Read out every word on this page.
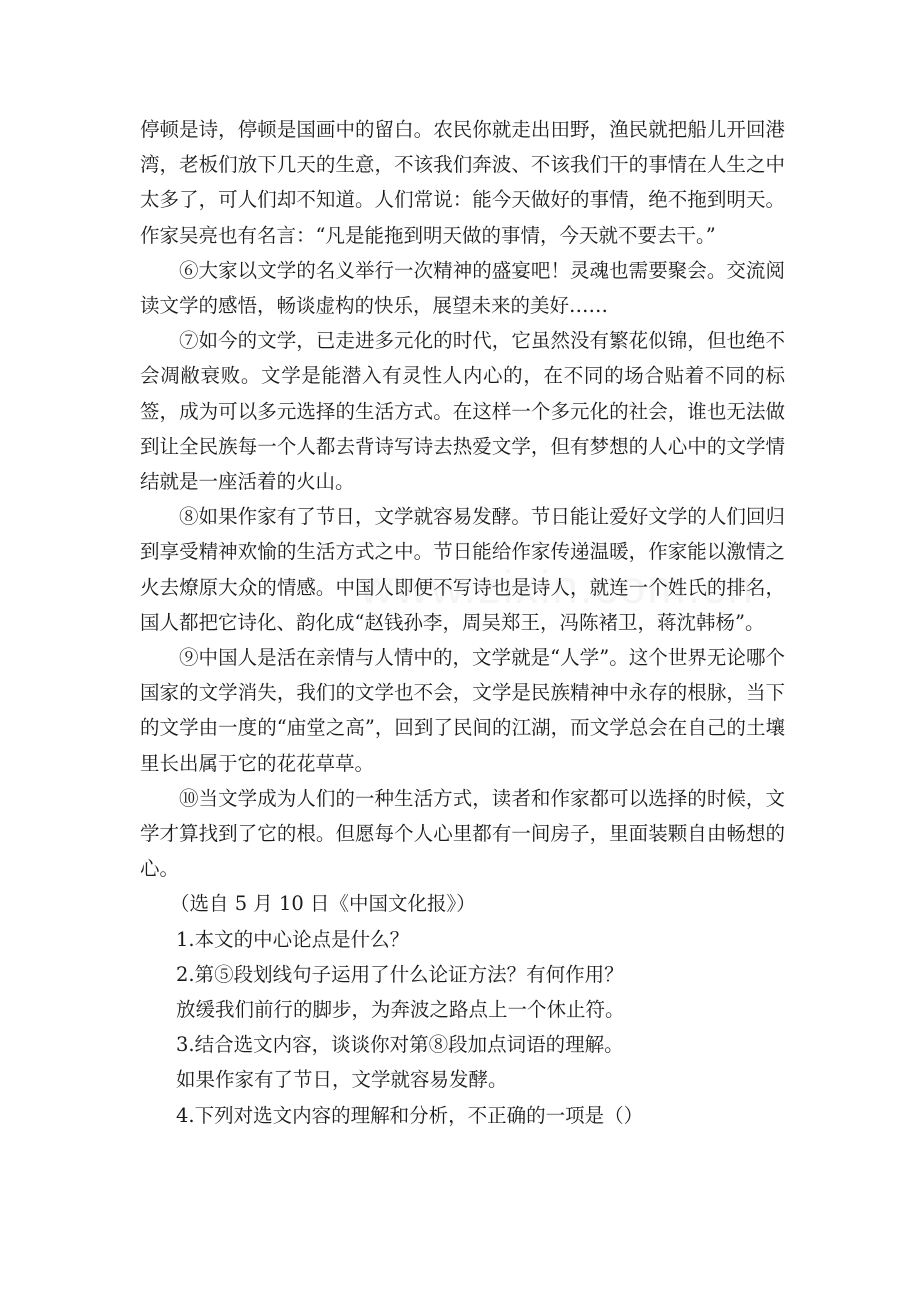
停顿是诗，停顿是国画中的留白。农民你就走出田野，渔民就把船儿开回港湾，老板们放下几天的生意，不该我们奔波、不该我们干的事情在人生之中太多了，可人们却不知道。人们常说：能今天做好的事情，绝不拖到明天。作家吴亮也有名言：“凡是能拖到明天做的事情，今天就不要去干。”

⑥大家以文学的名义举行一次精神的盛宴吧！灵魂也需要聚会。交流阅读文学的感悟，畅谈虚构的快乐，展望未来的美好……

⑦如今的文学，已走进多元化的时代，它虽然没有繁花似锦，但也绝不会凋敝衰败。文学是能潜入有灵性人内心的，在不同的场合贴着不同的标签，成为可以多元选择的生活方式。在这样一个多元化的社会，谁也无法做到让全民族每一个人都去背诗写诗去热爱文学，但有梦想的人心中的文学情结就是一座活着的火山。

⑧如果作家有了节日，文学就容易发酵。节日能让爱好文学的人们回归到享受精神欢愉的生活方式之中。节日能给作家传递温暖，作家能以激情之火去燎原大众的情感。中国人即便不写诗也是诗人，就连一个姓氏的排名，国人都把它诗化、韵化成“赵钱孙李，周吴郑王，冯陈褚卫，蒋沈韩杨”。

⑨中国人是活在亲情与人情中的，文学就是“人学”。这个世界无论哪个国家的文学消失，我们的文学也不会，文学是民族精神中永存的根脉，当下的文学由一度的“庙堂之高”，回到了民间的江湖，而文学总会在自己的土壤里长出属于它的花花草草。

⑩当文学成为人们的一种生活方式，读者和作家都可以选择的时候，文学才算找到了它的根。但愿每个人心里都有一间房子，里面装颗自由畅想的心。

（选自 5 月 10 日《中国文化报》）

1.本文的中心论点是什么？

2.第⑤段划线句子运用了什么论证方法？有何作用？

放缓我们前行的脚步，为奔波之路点上一个休止符。

3.结合选文内容，谈谈你对第⑧段加点词语的理解。

如果作家有了节日，文学就容易发酵。

4.下列对选文内容的理解和分析，不正确的一项是（）
